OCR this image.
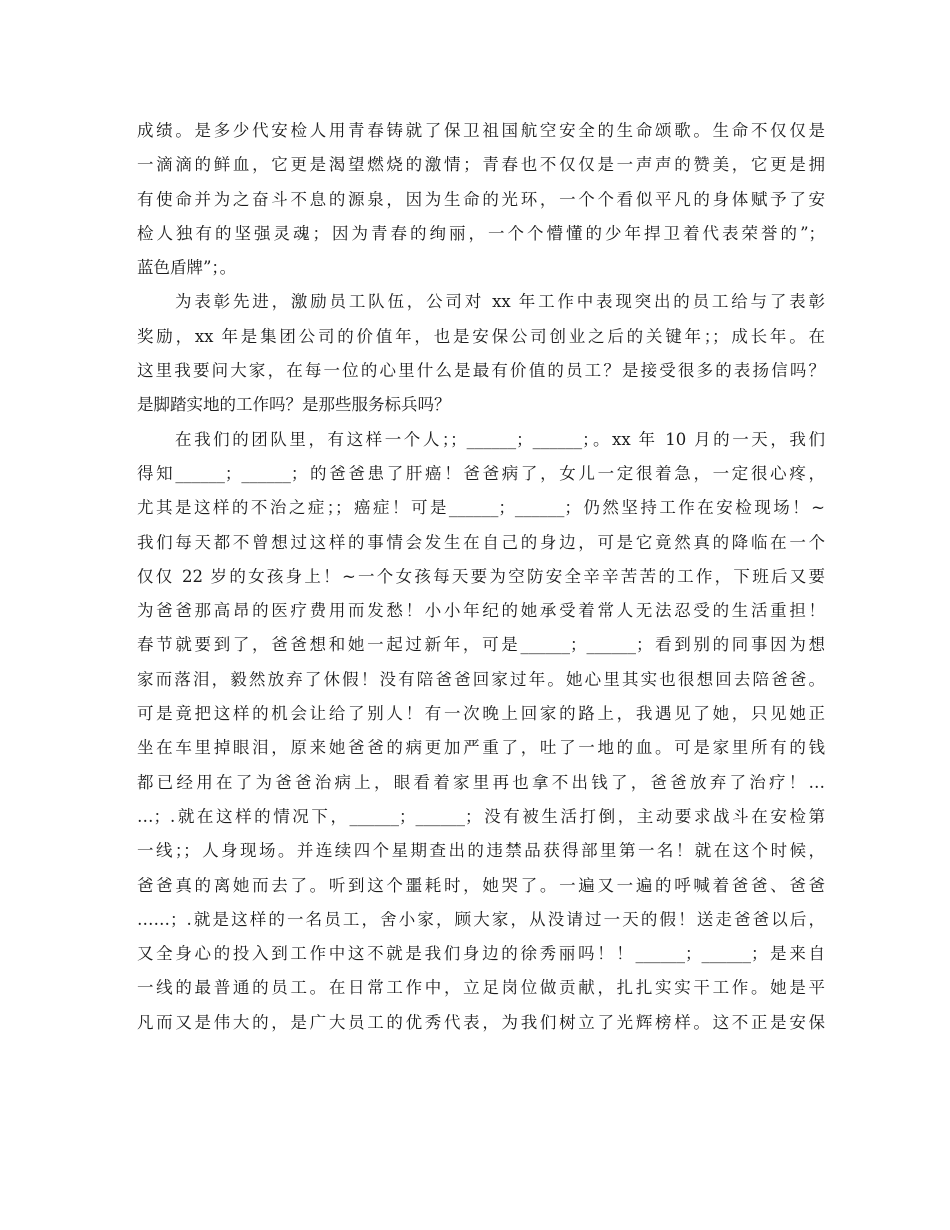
成绩。是多少代安检人用青春铸就了保卫祖国航空安全的生命颂歌。生命不仅仅是
一滴滴的鲜血，它更是渴望燃烧的激情；青春也不仅仅是一声声的赞美，它更是拥
有使命并为之奋斗不息的源泉，因为生命的光环，一个个看似平凡的身体赋予了安
检人独有的坚强灵魂；因为青春的绚丽，一个个懵懂的少年捍卫着代表荣誉的”；
蓝色盾牌”；。
为表彰先进，激励员工队伍，公司对 xx 年工作中表现突出的员工给与了表彰
奖励，xx 年是集团公司的价值年，也是安保公司创业之后的关键年；；成长年。在
这里我要问大家，在每一位的心里什么是最有价值的员工？是接受很多的表扬信吗？
是脚踏实地的工作吗？是那些服务标兵吗？
在我们的团队里，有这样一个人；；______；______；。xx 年 10 月的一天，我们
得知______；______；的爸爸患了肝癌！爸爸病了，女儿一定很着急，一定很心疼，
尤其是这样的不治之症；；癌症！可是______；______；仍然坚持工作在安检现场！~
我们每天都不曾想过这样的事情会发生在自己的身边，可是它竟然真的降临在一个
仅仅 22 岁的女孩身上！~一个女孩每天要为空防安全辛辛苦苦的工作，下班后又要
为爸爸那高昂的医疗费用而发愁！小小年纪的她承受着常人无法忍受的生活重担！
春节就要到了，爸爸想和她一起过新年，可是______；______；看到别的同事因为想
家而落泪，毅然放弃了休假！没有陪爸爸回家过年。她心里其实也很想回去陪爸爸。
可是竟把这样的机会让给了别人！有一次晚上回家的路上，我遇见了她，只见她正
坐在车里掉眼泪，原来她爸爸的病更加严重了，吐了一地的血。可是家里所有的钱
都已经用在了为爸爸治病上，眼看着家里再也拿不出钱了，爸爸放弃了治疗！…
…；.就在这样的情况下，______；______；没有被生活打倒，主动要求战斗在安检第
一线；；人身现场。并连续四个星期查出的违禁品获得部里第一名！就在这个时候，
爸爸真的离她而去了。听到这个噩耗时，她哭了。一遍又一遍的呼喊着爸爸、爸爸
……；.就是这样的一名员工，舍小家，顾大家，从没请过一天的假！送走爸爸以后，
又全身心的投入到工作中这不就是我们身边的徐秀丽吗！！______；______；是来自
一线的最普通的员工。在日常工作中，立足岗位做贡献，扎扎实实干工作。她是平
凡而又是伟大的，是广大员工的优秀代表，为我们树立了光辉榜样。这不正是安保
